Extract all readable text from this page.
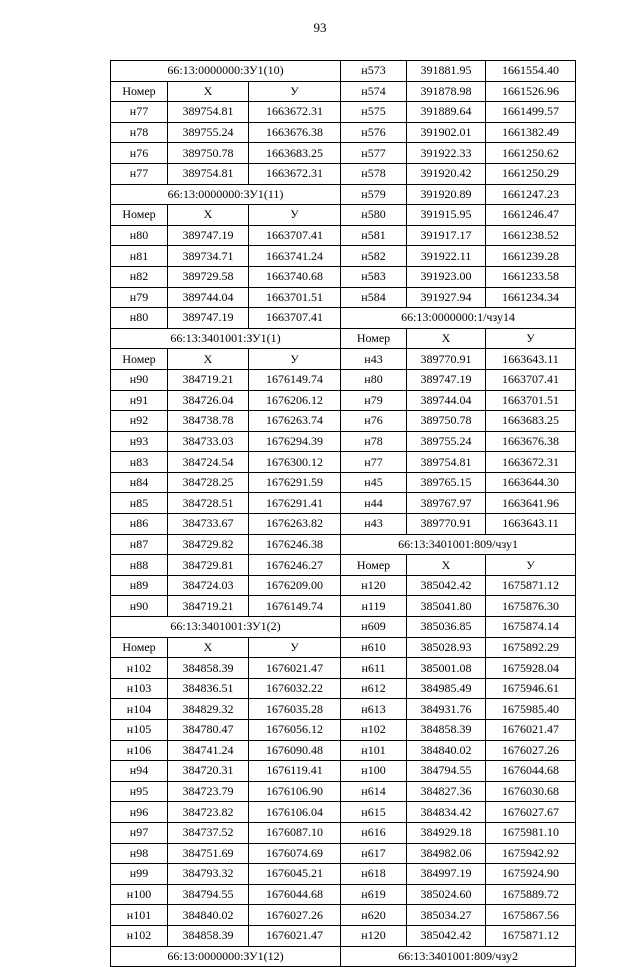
93
66:13:0000000:ЗУ1(10)			н573	391881.95	1661554.40
Номер	X	У	н574	391878.98	1661526.96
н77	389754.81	1663672.31	н575	391889.64	1661499.57
н78	389755.24	1663676.38	н576	391902.01	1661382.49
н76	389750.78	1663683.25	н577	391922.33	1661250.62
н77	389754.81	1663672.31	н578	391920.42	1661250.29
66:13:0000000:ЗУ1(11)			н579	391920.89	1661247.23
Номер	X	У	н580	391915.95	1661246.47
н80	389747.19	1663707.41	н581	391917.17	1661238.52
н81	389734.71	1663741.24	н582	391922.11	1661239.28
н82	389729.58	1663740.68	н583	391923.00	1661233.58
н79	389744.04	1663701.51	н584	391927.94	1661234.34
н80	389747.19	1663707.41	66:13:0000000:1/чзу14		
66:13:3401001:ЗУ1(1)			Номер	X	У
Номер	X	У	н43	389770.91	1663643.11
н90	384719.21	1676149.74	н80	389747.19	1663707.41
н91	384726.04	1676206.12	н79	389744.04	1663701.51
н92	384738.78	1676263.74	н76	389750.78	1663683.25
н93	384733.03	1676294.39	н78	389755.24	1663676.38
н83	384724.54	1676300.12	н77	389754.81	1663672.31
н84	384728.25	1676291.59	н45	389765.15	1663644.30
н85	384728.51	1676291.41	н44	389767.97	1663641.96
н86	384733.67	1676263.82	н43	389770.91	1663643.11
н87	384729.82	1676246.38	66:13:3401001:809/чзу1		
н88	384729.81	1676246.27	Номер	X	У
н89	384724.03	1676209.00	н120	385042.42	1675871.12
н90	384719.21	1676149.74	н119	385041.80	1675876.30
66:13:3401001:ЗУ1(2)			н609	385036.85	1675874.14
Номер	X	У	н610	385028.93	1675892.29
н102	384858.39	1676021.47	н611	385001.08	1675928.04
н103	384836.51	1676032.22	н612	384985.49	1675946.61
н104	384829.32	1676035.28	н613	384931.76	1675985.40
н105	384780.47	1676056.12	н102	384858.39	1676021.47
н106	384741.24	1676090.48	н101	384840.02	1676027.26
н94	384720.31	1676119.41	н100	384794.55	1676044.68
н95	384723.79	1676106.90	н614	384827.36	1676030.68
н96	384723.82	1676106.04	н615	384834.42	1676027.67
н97	384737.52	1676087.10	н616	384929.18	1675981.10
н98	384751.69	1676074.69	н617	384982.06	1675942.92
н99	384793.32	1676045.21	н618	384997.19	1675924.90
н100	384794.55	1676044.68	н619	385024.60	1675889.72
н101	384840.02	1676027.26	н620	385034.27	1675867.56
н102	384858.39	1676021.47	н120	385042.42	1675871.12
66:13:0000000:ЗУ1(12)			66:13:3401001:809/чзу2		
